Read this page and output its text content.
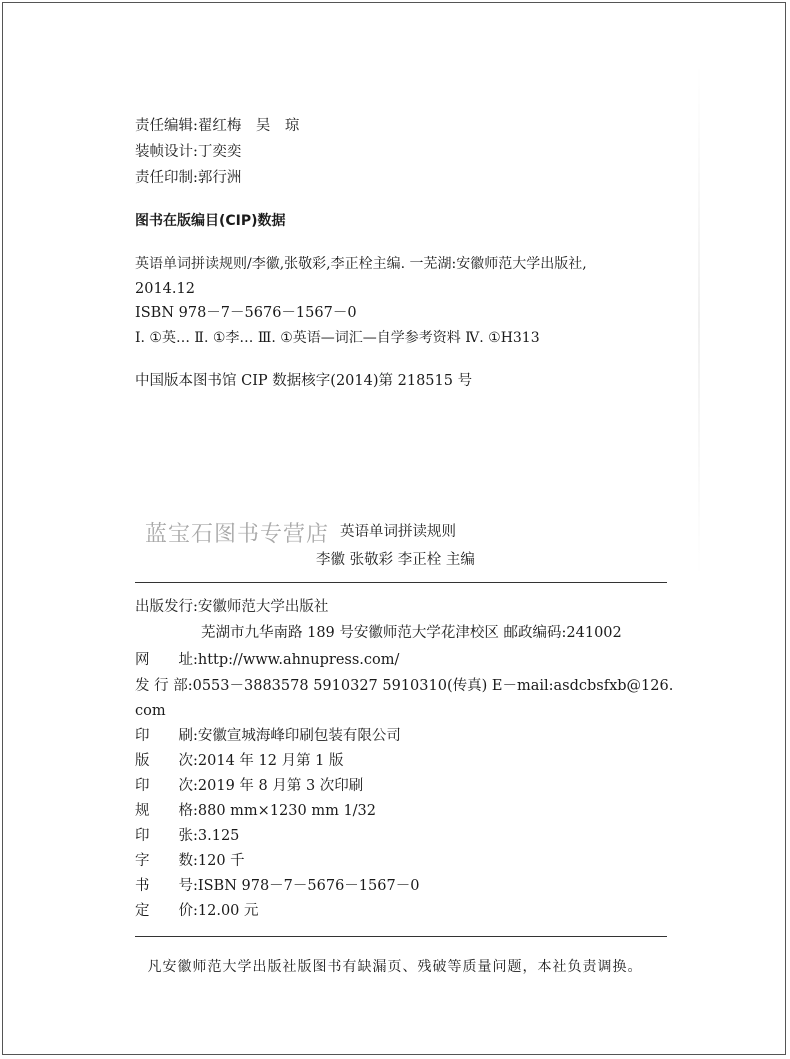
责任编辑:翟红梅　吴　琼
装帧设计:丁奕奕
责任印制:郭行洲
图书在版编目(CIP)数据
英语单词拼读规则/李徽,张敬彩,李正栓主编. 一芜湖:安徽师范大学出版社,
2014.12
ISBN 978－7－5676－1567－0
Ⅰ. ①英… Ⅱ. ①李… Ⅲ. ①英语—词汇—自学参考资料 Ⅳ. ①H313
中国版本图书馆 CIP 数据核字(2014)第 218515 号
蓝宝石图书专营店 英语单词拼读规则
李徽 张敬彩 李正栓 主编
出版发行:安徽师范大学出版社
芜湖市九华南路 189 号安徽师范大学花津校区 邮政编码:241002
网　　址:http://www.ahnupress.com/
发 行 部:0553－3883578 5910327 5910310(传真) E－mail:asdcbsfxb@126.
com
印　　刷:安徽宣城海峰印刷包装有限公司
版　　次:2014 年 12 月第 1 版
印　　次:2019 年 8 月第 3 次印刷
规　　格:880 mm×1230 mm 1/32
印　　张:3.125
字　　数:120 千
书　　号:ISBN 978－7－5676－1567－0
定　　价:12.00 元
凡安徽师范大学出版社版图书有缺漏页、残破等质量问题，本社负责调换。
